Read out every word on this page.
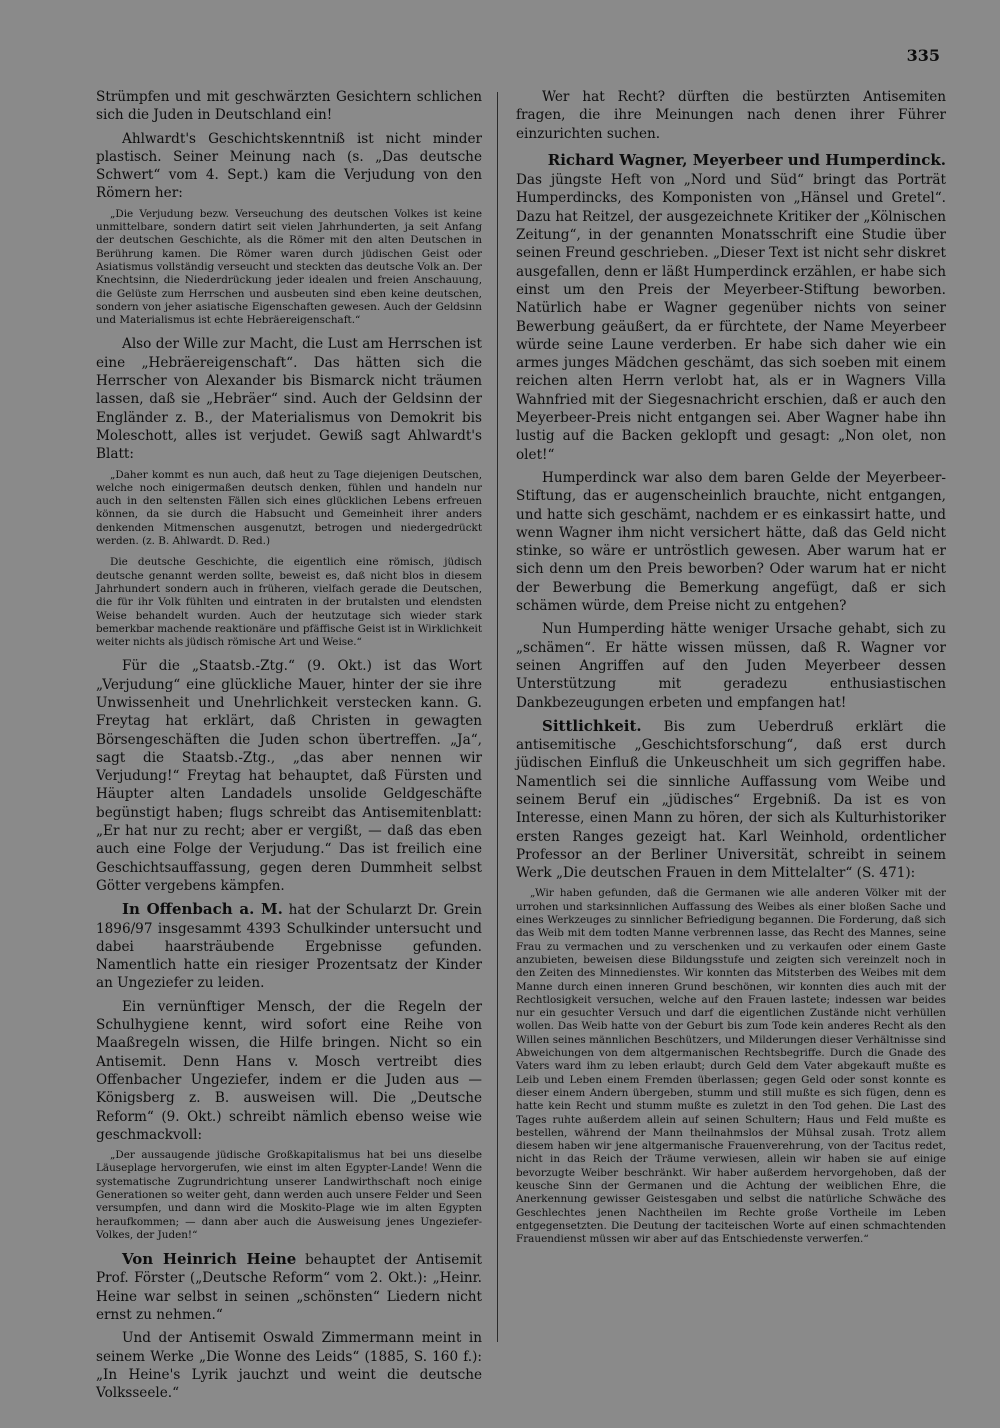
335

Strümpfen und mit geschwärzten Gesichtern schlichen sich die Juden in Deutschland ein!

Ahlwardt's Geschichtskenntniß ist nicht minder plastisch. Seiner Meinung nach (s. „Das deutsche Schwert“ vom 4. Sept.) kam die Verjudung von den Römern her:

„Die Verjudung bezw. Verseuchung des deutschen Volkes ist keine unmittelbare, sondern datirt seit vielen Jahrhunderten, ja seit Anfang der deutschen Geschichte, als die Römer mit den alten Deutschen in Berührung kamen. Die Römer waren durch jüdischen Geist oder Asiatismus vollständig verseucht und steckten das deutsche Volk an. Der Knechtsinn, die Niederdrückung jeder idealen und freien Anschauung, die Gelüste zum Herrschen und ausbeuten sind eben keine deutschen, sondern von jeher asiatische Eigenschaften gewesen. Auch der Geldsinn und Materialismus ist echte Hebräereigenschaft.“

Also der Wille zur Macht, die Lust am Herrschen ist eine „Hebräereigenschaft“. Das hätten sich die Herrscher von Alexander bis Bismarck nicht träumen lassen, daß sie „Hebräer“ sind. Auch der Geldsinn der Engländer z. B., der Materialismus von Demokrit bis Moleschott, alles ist verjudet. Gewiß sagt Ahlwardt's Blatt:

„Daher kommt es nun auch, daß heut zu Tage diejenigen Deutschen, welche noch einigermaßen deutsch denken, fühlen und handeln nur auch in den seltensten Fällen sich eines glücklichen Lebens erfreuen können, da sie durch die Habsucht und Gemeinheit ihrer anders denkenden Mitmenschen ausgenutzt, betrogen und niedergedrückt werden. (z. B. Ahlwardt. D. Red.)

Die deutsche Geschichte, die eigentlich eine römisch, jüdisch deutsche genannt werden sollte, beweist es, daß nicht blos in diesem Jahrhundert sondern auch in früheren, vielfach gerade die Deutschen, die für ihr Volk fühlten und eintraten in der brutalsten und elendsten Weise behandelt wurden. Auch der heutzutage sich wieder stark bemerkbar machende reaktionäre und pfäffische Geist ist in Wirklichkeit weiter nichts als jüdisch römische Art und Weise.“

Für die „Staatsb.-Ztg.“ (9. Okt.) ist das Wort „Verjudung“ eine glückliche Mauer, hinter der sie ihre Unwissenheit und Unehrlichkeit verstecken kann. G. Freytag hat erklärt, daß Christen in gewagten Börsengeschäften die Juden schon übertreffen. „Ja“, sagt die Staatsb.-Ztg., „das aber nennen wir Verjudung!“ Freytag hat behauptet, daß Fürsten und Häupter alten Landadels unsolide Geldgeschäfte begünstigt haben; flugs schreibt das Antisemitenblatt: „Er hat nur zu recht; aber er vergißt, — daß das eben auch eine Folge der Verjudung.“ Das ist freilich eine Geschichtsauffassung, gegen deren Dummheit selbst Götter vergebens kämpfen.

In Offenbach a. M. hat der Schularzt Dr. Grein 1896/97 insgesammt 4393 Schulkinder untersucht und dabei haarsträubende Ergebnisse gefunden. Namentlich hatte ein riesiger Prozentsatz der Kinder an Ungeziefer zu leiden.

Ein vernünftiger Mensch, der die Regeln der Schulhygiene kennt, wird sofort eine Reihe von Maaßregeln wissen, die Hilfe bringen. Nicht so ein Antisemit. Denn Hans v. Mosch vertreibt dies Offenbacher Ungeziefer, indem er die Juden aus — Königsberg z. B. ausweisen will. Die „Deutsche Reform“ (9. Okt.) schreibt nämlich ebenso weise wie geschmackvoll:

„Der aussaugende jüdische Großkapitalismus hat bei uns dieselbe Läuseplage hervorgerufen, wie einst im alten Egypter-Lande! Wenn die systematische Zugrundrichtung unserer Landwirthschaft noch einige Generationen so weiter geht, dann werden auch unsere Felder und Seen versumpfen, und dann wird die Moskito-Plage wie im alten Egypten heraufkommen; — dann aber auch die Ausweisung jenes Ungeziefer-Volkes, der Juden!“

Von Heinrich Heine behauptet der Antisemit Prof. Förster („Deutsche Reform“ vom 2. Okt.): „Heinr. Heine war selbst in seinen „schönsten“ Liedern nicht ernst zu nehmen.“

Und der Antisemit Oswald Zimmermann meint in seinem Werke „Die Wonne des Leids“ (1885, S. 160 f.): „In Heine's Lyrik jauchzt und weint die deutsche Volksseele.“

Wer hat Recht? dürften die bestürzten Antisemiten fragen, die ihre Meinungen nach denen ihrer Führer einzurichten suchen.

Richard Wagner, Meyerbeer und Humperdinck.

Das jüngste Heft von „Nord und Süd“ bringt das Porträt Humperdincks, des Komponisten von „Hänsel und Gretel“. Dazu hat Reitzel, der ausgezeichnete Kritiker der „Kölnischen Zeitung“, in der genannten Monatsschrift eine Studie über seinen Freund geschrieben. „Dieser Text ist nicht sehr diskret ausgefallen, denn er läßt Humperdinck erzählen, er habe sich einst um den Preis der Meyerbeer-Stiftung beworben. Natürlich habe er Wagner gegenüber nichts von seiner Bewerbung geäußert, da er fürchtete, der Name Meyerbeer würde seine Laune verderben. Er habe sich daher wie ein armes junges Mädchen geschämt, das sich soeben mit einem reichen alten Herrn verlobt hat, als er in Wagners Villa Wahnfried mit der Siegesnachricht erschien, daß er auch den Meyerbeer-Preis nicht entgangen sei. Aber Wagner habe ihn lustig auf die Backen geklopft und gesagt: „Non olet, non olet!“

Humperdinck war also dem baren Gelde der Meyerbeer-Stiftung, das er augenscheinlich brauchte, nicht entgangen, und hatte sich geschämt, nachdem er es einkassirt hatte, und wenn Wagner ihm nicht versichert hätte, daß das Geld nicht stinke, so wäre er untröstlich gewesen. Aber warum hat er sich denn um den Preis beworben? Oder warum hat er nicht der Bewerbung die Bemerkung angefügt, daß er sich schämen würde, dem Preise nicht zu entgehen?

Nun Humperding hätte weniger Ursache gehabt, sich zu „schämen“. Er hätte wissen müssen, daß R. Wagner vor seinen Angriffen auf den Juden Meyerbeer dessen Unterstützung mit geradezu enthusiastischen Dankbezeugungen erbeten und empfangen hat!

Sittlichkeit. Bis zum Ueberdruß erklärt die antisemitische „Geschichtsforschung“, daß erst durch jüdischen Einfluß die Unkeuschheit um sich gegriffen habe. Namentlich sei die sinnliche Auffassung vom Weibe und seinem Beruf ein „jüdisches“ Ergebniß. Da ist es von Interesse, einen Mann zu hören, der sich als Kulturhistoriker ersten Ranges gezeigt hat. Karl Weinhold, ordentlicher Professor an der Berliner Universität, schreibt in seinem Werk „Die deutschen Frauen in dem Mittelalter“ (S. 471):

„Wir haben gefunden, daß die Germanen wie alle anderen Völker mit der urrohen und starksinnlichen Auffassung des Weibes als einer bloßen Sache und eines Werkzeuges zu sinnlicher Befriedigung begannen. Die Forderung, daß sich das Weib mit dem todten Manne verbrennen lasse, das Recht des Mannes, seine Frau zu vermachen und zu verschenken und zu verkaufen oder einem Gaste anzubieten, beweisen diese Bildungsstufe und zeigten sich vereinzelt noch in den Zeiten des Minnedienstes. Wir konnten das Mitsterben des Weibes mit dem Manne durch einen inneren Grund beschönen, wir konnten dies auch mit der Rechtlosigkeit versuchen, welche auf den Frauen lastete; indessen war beides nur ein gesuchter Versuch und darf die eigentlichen Zustände nicht verhüllen wollen. Das Weib hatte von der Geburt bis zum Tode kein anderes Recht als den Willen seines männlichen Beschützers, und Milderungen dieser Verhältnisse sind Abweichungen von dem altgermanischen Rechtsbegriffe. Durch die Gnade des Vaters ward ihm zu leben erlaubt; durch Geld dem Vater abgekauft mußte es Leib und Leben einem Fremden überlassen; gegen Geld oder sonst konnte es dieser einem Andern übergeben, stumm und still mußte es sich fügen, denn es hatte kein Recht und stumm mußte es zuletzt in den Tod gehen. Die Last des Tages ruhte außerdem allein auf seinen Schultern; Haus und Feld mußte es bestellen, während der Mann theilnahmslos der Mühsal zusah. Trotz allem diesem haben wir jene altgermanische Frauenverehrung, von der Tacitus redet, nicht in das Reich der Träume verwiesen, allein wir haben sie auf einige bevorzugte Weiber beschränkt. Wir haber außerdem hervorgehoben, daß der keusche Sinn der Germanen und die Achtung der weiblichen Ehre, die Anerkennung gewisser Geistesgaben und selbst die natürliche Schwäche des Geschlechtes jenen Nachtheilen im Rechte große Vortheile im Leben entgegensetzten. Die Deutung der taciteischen Worte auf einen schmachtenden Frauendienst müssen wir aber auf das Entschiedenste verwerfen.“
